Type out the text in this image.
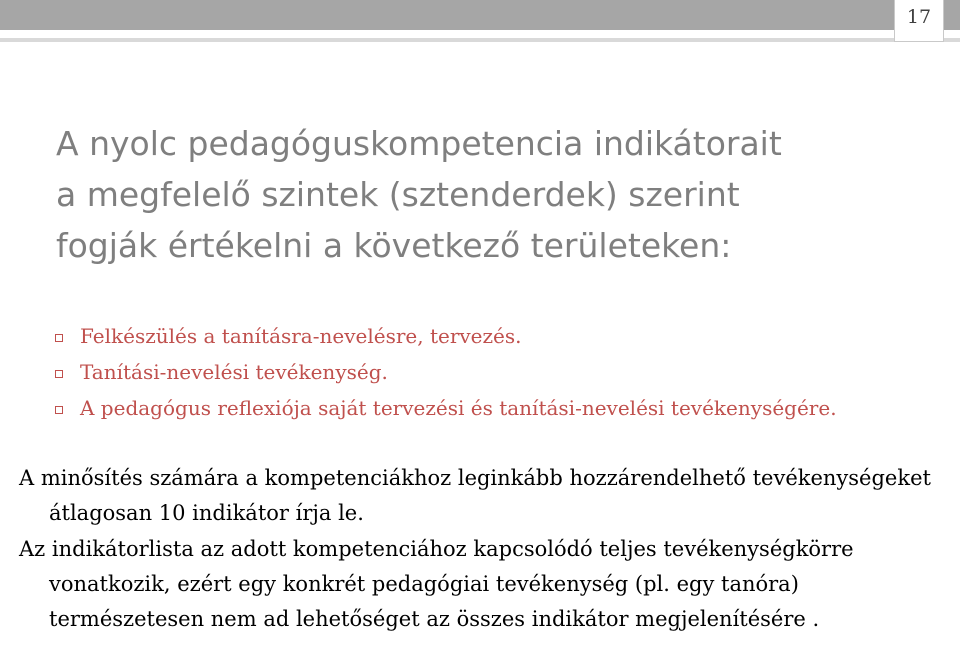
17
A nyolc pedagóguskompetencia indikátorait
a megfelelő szintek (sztenderdek) szerint
fogják értékelni a következő területeken:
Felkészülés a tanításra-nevelésre, tervezés.
Tanítási-nevelési tevékenység.
A pedagógus reflexiója saját tervezési és tanítási-nevelési tevékenységére.

A minősítés számára a kompetenciákhoz leginkább hozzárendelhető tevékenységeket átlagosan 10 indikátor írja le.

Az indikátorlista az adott kompetenciához kapcsolódó teljes tevékenységkörre vonatkozik, ezért egy konkrét pedagógiai tevékenység (pl. egy tanóra) természetesen nem ad lehetőséget az összes indikátor megjelenítésére .
